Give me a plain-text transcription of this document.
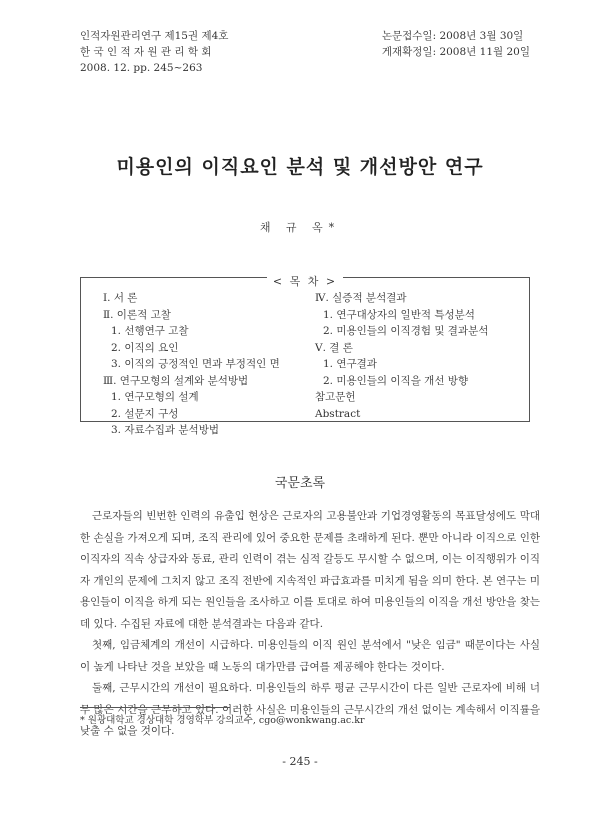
인적자원관리연구 제15권 제4호
한 국 인 적 자 원 관 리 학 회
2008. 12. pp. 245~263
논문접수일: 2008년 3월 30일
게재확정일: 2008년 11월 20일
미용인의 이직요인 분석 및 개선방안 연구
채 규 옥*
< 목 차 >
Ⅰ. 서 론
Ⅱ. 이론적 고찰
1. 선행연구 고찰
2. 이직의 요인
3. 이직의 긍정적인 면과 부정적인 면
Ⅲ. 연구모형의 설계와 분석방법
1. 연구모형의 설계
2. 설문지 구성
3. 자료수집과 분석방법
Ⅳ. 실증적 분석결과
1. 연구대상자의 일반적 특성분석
2. 미용인들의 이직경험 및 결과분석
Ⅴ. 결 론
1. 연구결과
2. 미용인들의 이직을 개선 방향
참고문헌
Abstract
국문초록

근로자들의 빈번한 인력의 유출입 현상은 근로자의 고용불안과 기업경영활동의 목표달성에도 막대한 손실을 가져오게 되며, 조직 관리에 있어 중요한 문제를 초래하게 된다. 뿐만 아니라 이직으로 인한 이직자의 직속 상급자와 동료, 관리 인력이 겪는 심적 갈등도 무시할 수 없으며, 이는 이직행위가 이직 자 개인의 문제에 그치지 않고 조직 전반에 지속적인 파급효과를 미치게 됨을 의미 한다. 본 연구는 미용인들이 이직을 하게 되는 원인들을 조사하고 이를 토대로 하여 미용인들의 이직을 개선 방안을 찾는데 있다. 수집된 자료에 대한 분석결과는 다음과 같다.

첫째, 임금체계의 개선이 시급하다. 미용인들의 이직 원인 분석에서 "낮은 임금" 때문이다는 사실이 높게 나타난 것을 보았을 때 노동의 대가만큼 급여를 제공해야 한다는 것이다.

둘째, 근무시간의 개선이 필요하다. 미용인들의 하루 평균 근무시간이 다른 일반 근로자에 비해 너무 많은 시간을 근무하고 있다. 이러한 사실은 미용인들의 근무시간의 개선 없이는 계속해서 이직률을 낮출 수 없을 것이다.

* 원광대학교 경상대학 경영학부 강의교수, cgo@wonkwang.ac.kr
- 245 -
